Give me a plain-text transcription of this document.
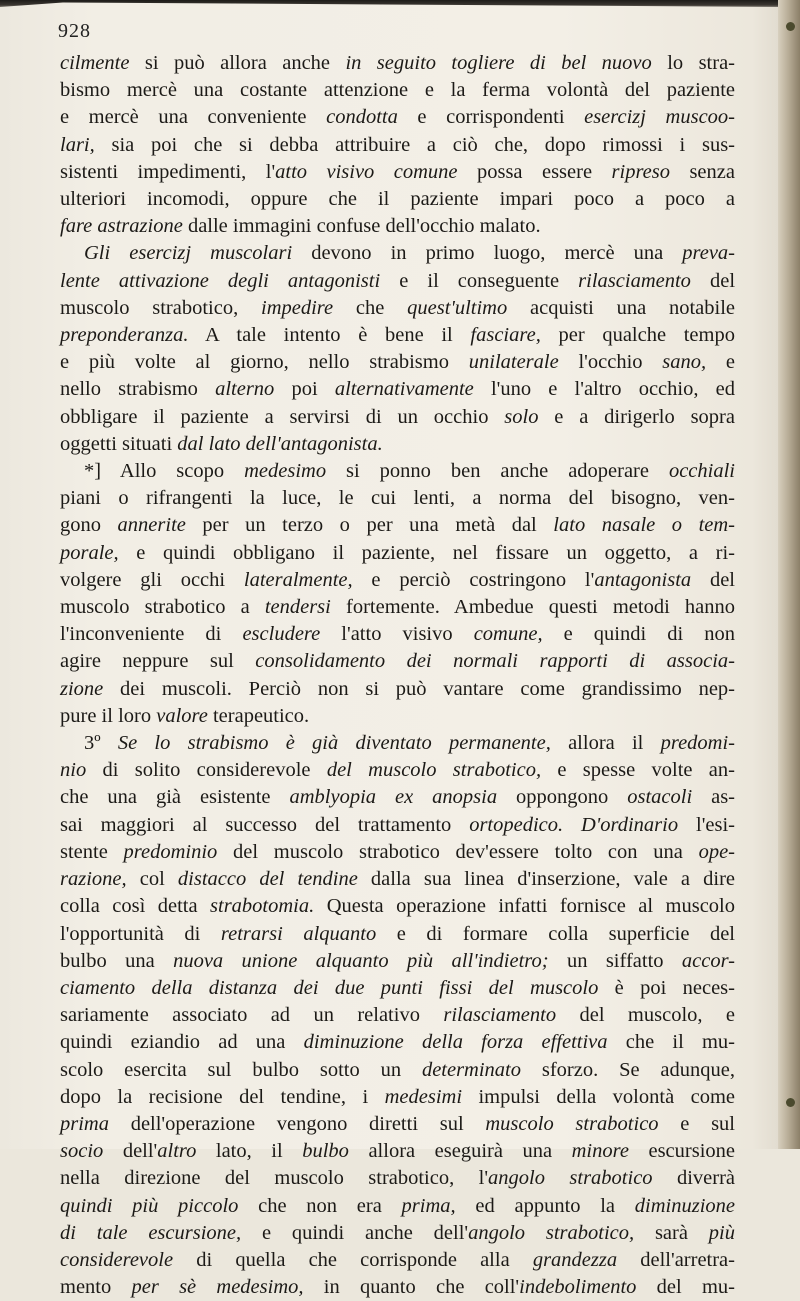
928
cilmente si può allora anche in seguito togliere di bel nuovo lo stra-
bismo mercè una costante attenzione e la ferma volontà del paziente
e mercè una conveniente condotta e corrispondenti esercizj muscoo-
lari, sia poi che si debba attribuire a ciò che, dopo rimossi i sus-
sistenti impedimenti, l'atto visivo comune possa essere ripreso senza
ulteriori incomodi, oppure che il paziente impari poco a poco a
fare astrazione dalle immagini confuse dell'occhio malato.
Gli esercizj muscolari devono in primo luogo, mercè una preva-
lente attivazione degli antagonisti e il conseguente rilasciamento del
muscolo strabotico, impedire che quest'ultimo acquisti una notabile
preponderanza. A tale intento è bene il fasciare, per qualche tempo
e più volte al giorno, nello strabismo unilaterale l'occhio sano, e
nello strabismo alterno poi alternativamente l'uno e l'altro occhio, ed
obbligare il paziente a servirsi di un occhio solo e a dirigerlo sopra
oggetti situati dal lato dell'antagonista.
*] Allo scopo medesimo si ponno ben anche adoperare occhiali
piani o rifrangenti la luce, le cui lenti, a norma del bisogno, ven-
gono annerite per un terzo o per una metà dal lato nasale o tem-
porale, e quindi obbligano il paziente, nel fissare un oggetto, a ri-
volgere gli occhi lateralmente, e perciò costringono l'antagonista del
muscolo strabotico a tendersi fortemente. Ambedue questi metodi hanno
l'inconveniente di escludere l'atto visivo comune, e quindi di non
agire neppure sul consolidamento dei normali rapporti di associa-
zione dei muscoli. Perciò non si può vantare come grandissimo nep-
pure il loro valore terapeutico.
3º Se lo strabismo è già diventato permanente, allora il predomi-
nio di solito considerevole del muscolo strabotico, e spesse volte an-
che una già esistente amblyopia ex anopsia oppongono ostacoli as-
sai maggiori al successo del trattamento ortopedico. D'ordinario l'esi-
stente predominio del muscolo strabotico dev'essere tolto con una ope-
razione, col distacco del tendine dalla sua linea d'inserzione, vale a dire
colla così detta strabotomia. Questa operazione infatti fornisce al muscolo
l'opportunità di retrarsi alquanto e di formare colla superficie del
bulbo una nuova unione alquanto più all'indietro; un siffatto accor-
ciamento della distanza dei due punti fissi del muscolo è poi neces-
sariamente associato ad un relativo rilasciamento del muscolo, e
quindi eziandio ad una diminuzione della forza effettiva che il mu-
scolo esercita sul bulbo sotto un determinato sforzo. Se adunque,
dopo la recisione del tendine, i medesimi impulsi della volontà come
prima dell'operazione vengono diretti sul muscolo strabotico e sul
socio dell'altro lato, il bulbo allora eseguirà una minore escursione
nella direzione del muscolo strabotico, l'angolo strabotico diverrà
quindi più piccolo che non era prima, ed appunto la diminuzione
di tale escursione, e quindi anche dell'angolo strabotico, sarà più
considerevole di quella che corrisponde alla grandezza dell'arretra-
mento per sè medesimo, in quanto che coll'indebolimento del mu-
